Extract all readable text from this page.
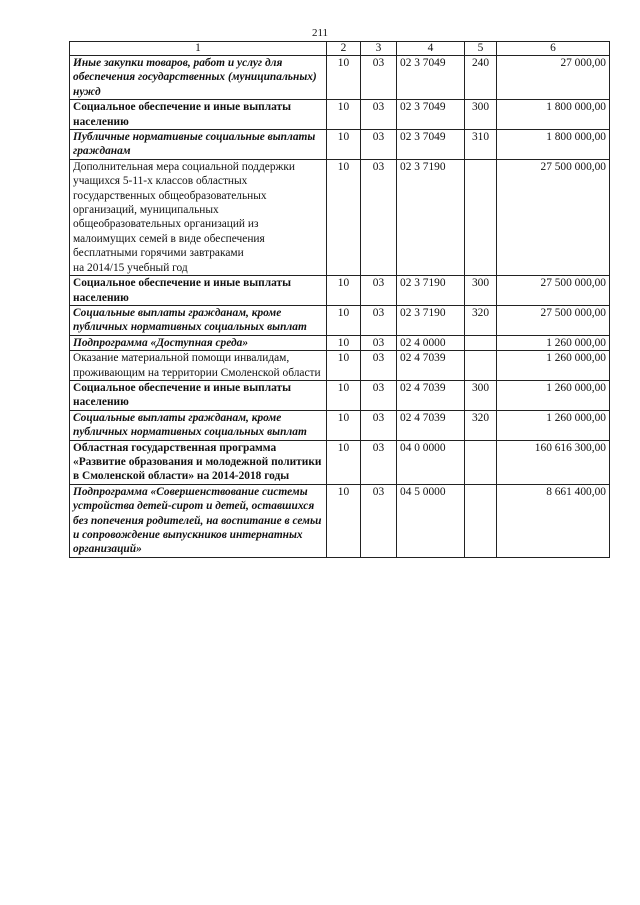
211
1	2	3	4	5	6
Иные закупки товаров, работ и услуг для обеспечения государственных (муниципальных) нужд	10	03	02 3 7049	240	27 000,00
Социальное обеспечение и иные выплаты населению	10	03	02 3 7049	300	1 800 000,00
Публичные нормативные социальные выплаты гражданам	10	03	02 3 7049	310	1 800 000,00
Дополнительная мера социальной поддержки
учащихся 5-11-х классов областных государственных общеобразовательных организаций, муниципальных общеобразовательных организаций из малоимущих семей в виде обеспечения бесплатными горячими завтраками
на 2014/15 учебный год	10	03	02 3 7190		27 500 000,00
Социальное обеспечение и иные выплаты населению	10	03	02 3 7190	300	27 500 000,00
Социальные выплаты гражданам, кроме публичных нормативных социальных выплат	10	03	02 3 7190	320	27 500 000,00
Подпрограмма «Доступная среда»	10	03	02 4 0000		1 260 000,00
Оказание материальной помощи инвалидам, проживающим на территории Смоленской области	10	03	02 4 7039		1 260 000,00
Социальное обеспечение и иные выплаты населению	10	03	02 4 7039	300	1 260 000,00
Социальные выплаты гражданам, кроме публичных нормативных социальных выплат	10	03	02 4 7039	320	1 260 000,00
Областная государственная программа «Развитие образования и молодежной политики в Смоленской области» на 2014-2018 годы	10	03	04 0 0000		160 616 300,00
Подпрограмма «Совершенствование системы устройства детей-сирот и детей, оставшихся без попечения родителей, на воспитание в семьи и сопровождение выпускников интернатных организаций»	10	03	04 5 0000		8 661 400,00
